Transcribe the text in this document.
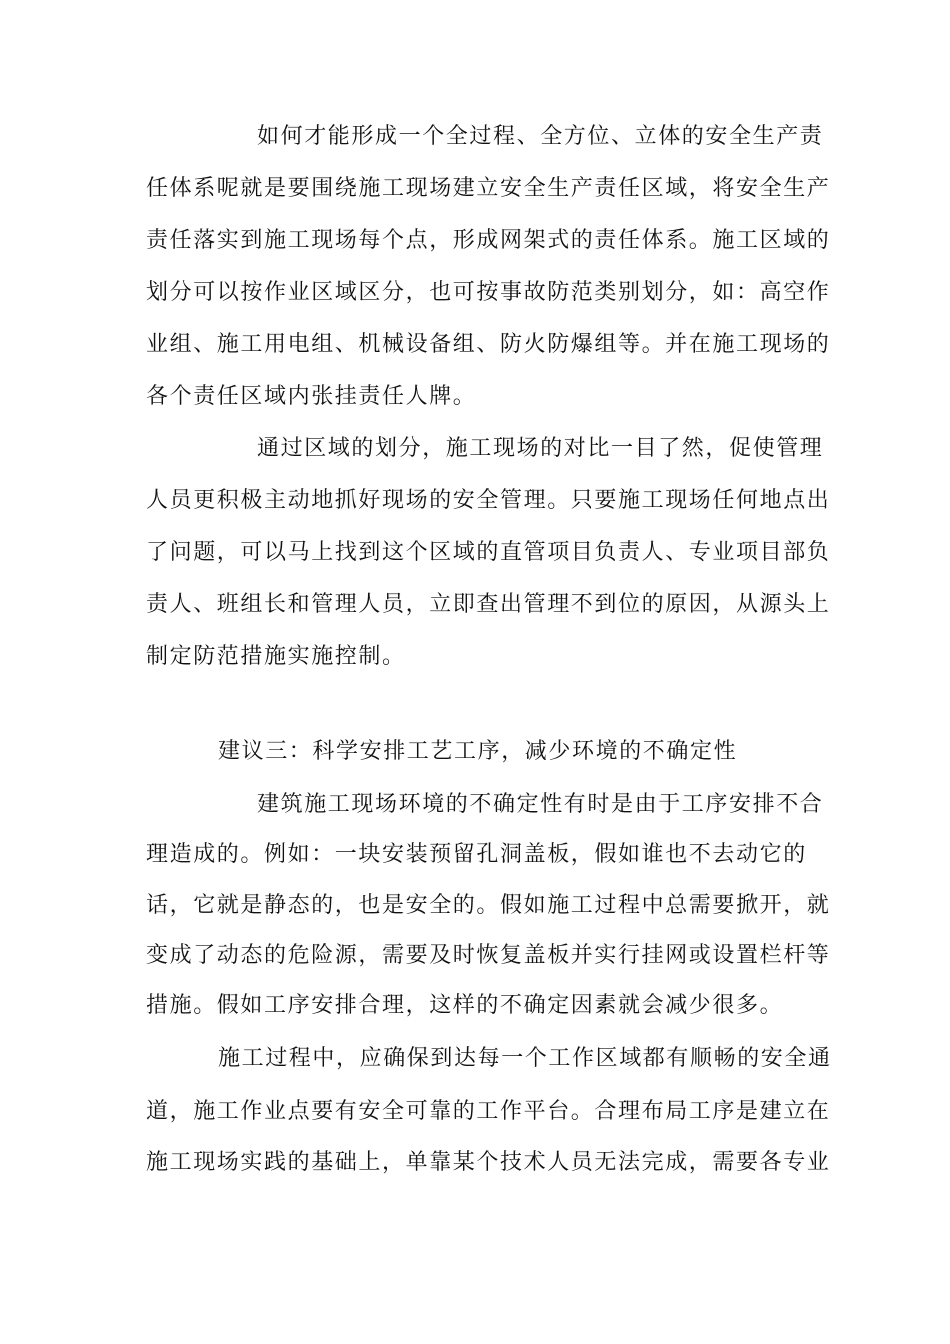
如何才能形成一个全过程、全方位、立体的安全生产责
任体系呢就是要围绕施工现场建立安全生产责任区域，将安全生产
责任落实到施工现场每个点，形成网架式的责任体系。施工区域的
划分可以按作业区域区分，也可按事故防范类别划分，如：高空作
业组、施工用电组、机械设备组、防火防爆组等。并在施工现场的
各个责任区域内张挂责任人牌。
通过区域的划分，施工现场的对比一目了然，促使管理
人员更积极主动地抓好现场的安全管理。只要施工现场任何地点出
了问题，可以马上找到这个区域的直管项目负责人、专业项目部负
责人、班组长和管理人员，立即查出管理不到位的原因，从源头上
制定防范措施实施控制。
建议三：科学安排工艺工序，减少环境的不确定性
建筑施工现场环境的不确定性有时是由于工序安排不合
理造成的。例如：一块安装预留孔洞盖板，假如谁也不去动它的
话，它就是静态的，也是安全的。假如施工过程中总需要掀开，就
变成了动态的危险源，需要及时恢复盖板并实行挂网或设置栏杆等
措施。假如工序安排合理，这样的不确定因素就会减少很多。
施工过程中，应确保到达每一个工作区域都有顺畅的安全通
道，施工作业点要有安全可靠的工作平台。合理布局工序是建立在
施工现场实践的基础上，单靠某个技术人员无法完成，需要各专业
